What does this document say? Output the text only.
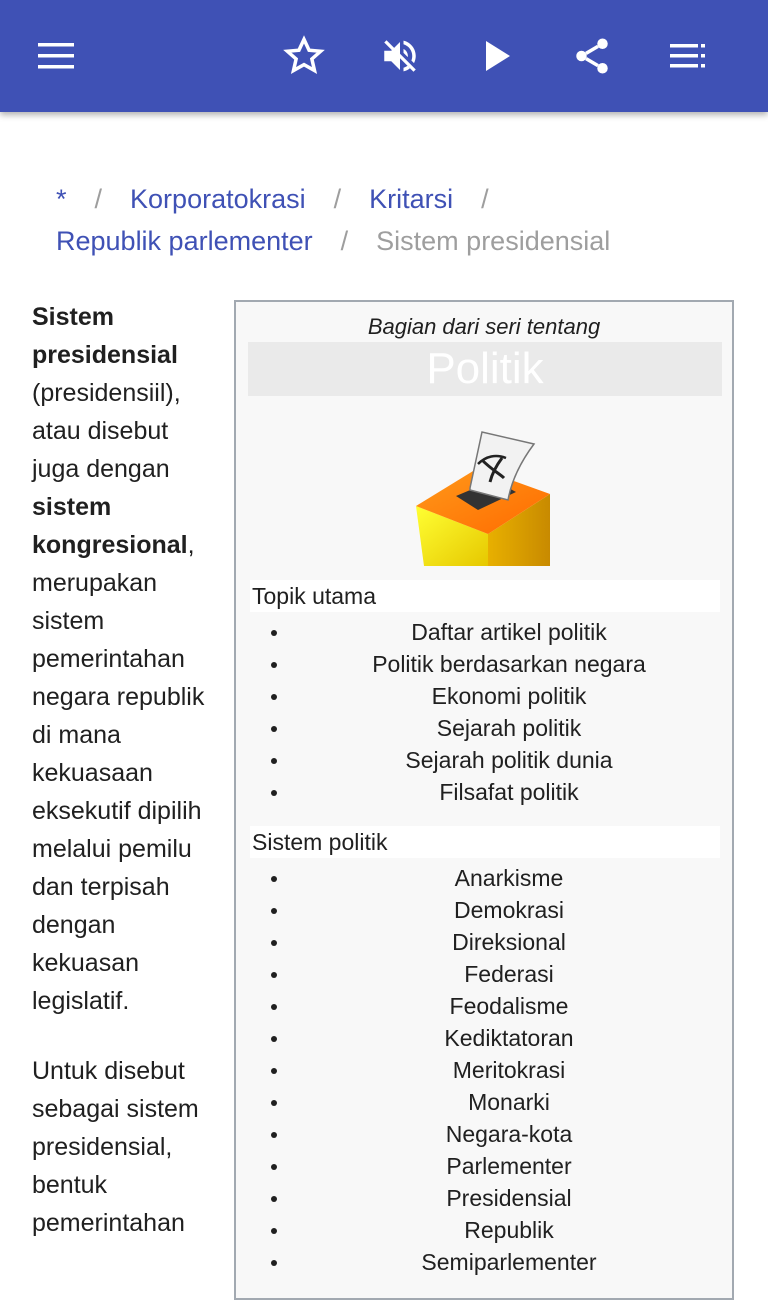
* / Korporatokrasi / Kritarsi /
Republik parlementer / Sistem presidensial

Sistem presidensial (presidensiil), atau disebut juga dengan sistem kongresional, merupakan sistem pemerintahan negara republik di mana kekuasaan eksekutif dipilih melalui pemilu dan terpisah dengan kekuasan legislatif.

Untuk disebut sebagai sistem presidensial, bentuk pemerintahan

Bagian dari seri tentang
Politik
Topik utama
Daftar artikel politik
Politik berdasarkan negara
Ekonomi politik
Sejarah politik
Sejarah politik dunia
Filsafat politik
Sistem politik
Anarkisme
Demokrasi
Direksional
Federasi
Feodalisme
Kediktatoran
Meritokrasi
Monarki
Negara-kota
Parlementer
Presidensial
Republik
Semiparlementer
